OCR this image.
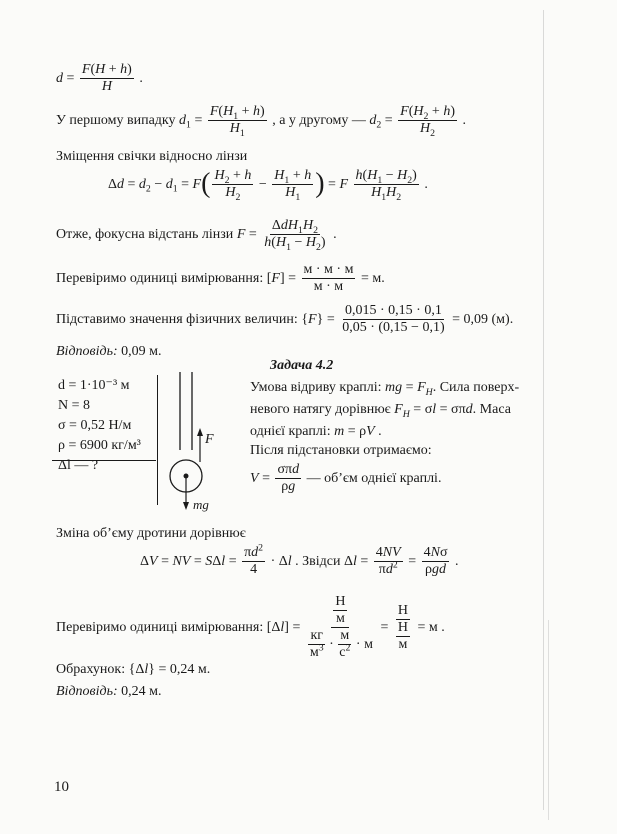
$d = \frac{F(H + h)}{H}$ .
У першому випадку $d_1 = \frac{F(H_1 + h)}{H_1}$ , а у другому — $d_2 = \frac{F(H_2 + h)}{H_2}$ .
Зміщення свічки відносно лінзи
$\Delta d = d_2 - d_1 = F( \frac{H_2 + h}{H_2} - \frac{H_1 + h}{H_1}$ ) = F $\frac{h(H_1 - H_2)}{H_1H_2}$ .
Отже, фокусна відстань лінзи $F = \frac{\Delta dH_1H_2}{h(H_1 - H_2)}$ .
Перевіримо одиниці вимірювання: $[F] = \frac{м \cdot м \cdot м}{м \cdot м} = м$.
Підставимо значення фізичних величин: $\{F\} = \frac{0,015 \cdot 0,15 \cdot 0,1}{0,05 \cdot (0,15 - 0,1)} = 0,09$ (м).
Відповідь: 0,09 м.
Задача 4.2
d = 1·10⁻³ м
N = 8
σ = 0,52 Н/м
ρ = 6900 кг/м³
Δl — ?
F
mg
Умова відриву краплі: mg = $F_H$. Сила поверх-
невого натягу дорівнює $F_H = \sigma l = \sigma\pi d$. Маса
однієї краплі: m = ρV .
Після підстановки отримаємо:
$V = \frac{\text{σπd}}{\rho g}$ — об’єм однієї краплі.
Зміна об’єму дротини дорівнює
ΔV = NV = $S\Delta l = \frac{\pi d^2}{4} \cdot \Delta l$ . Звідси $\Delta l = \frac{4NV}{\pi d^2} = \frac{4N\sigma}{\text{ρgd}}$ .
Перевіримо одиниці вимірювання: $[\Delta l] = \frac{\frac{Н}{м}}{\frac{кг}{м^3} \cdot \frac{м}{с^2} \cdot м} = \frac{Н}{\frac{Н}{м}} = м$ .
Обрахунок: {Δl} = 0,24 м.
Відповідь: 0,24 м.
10
